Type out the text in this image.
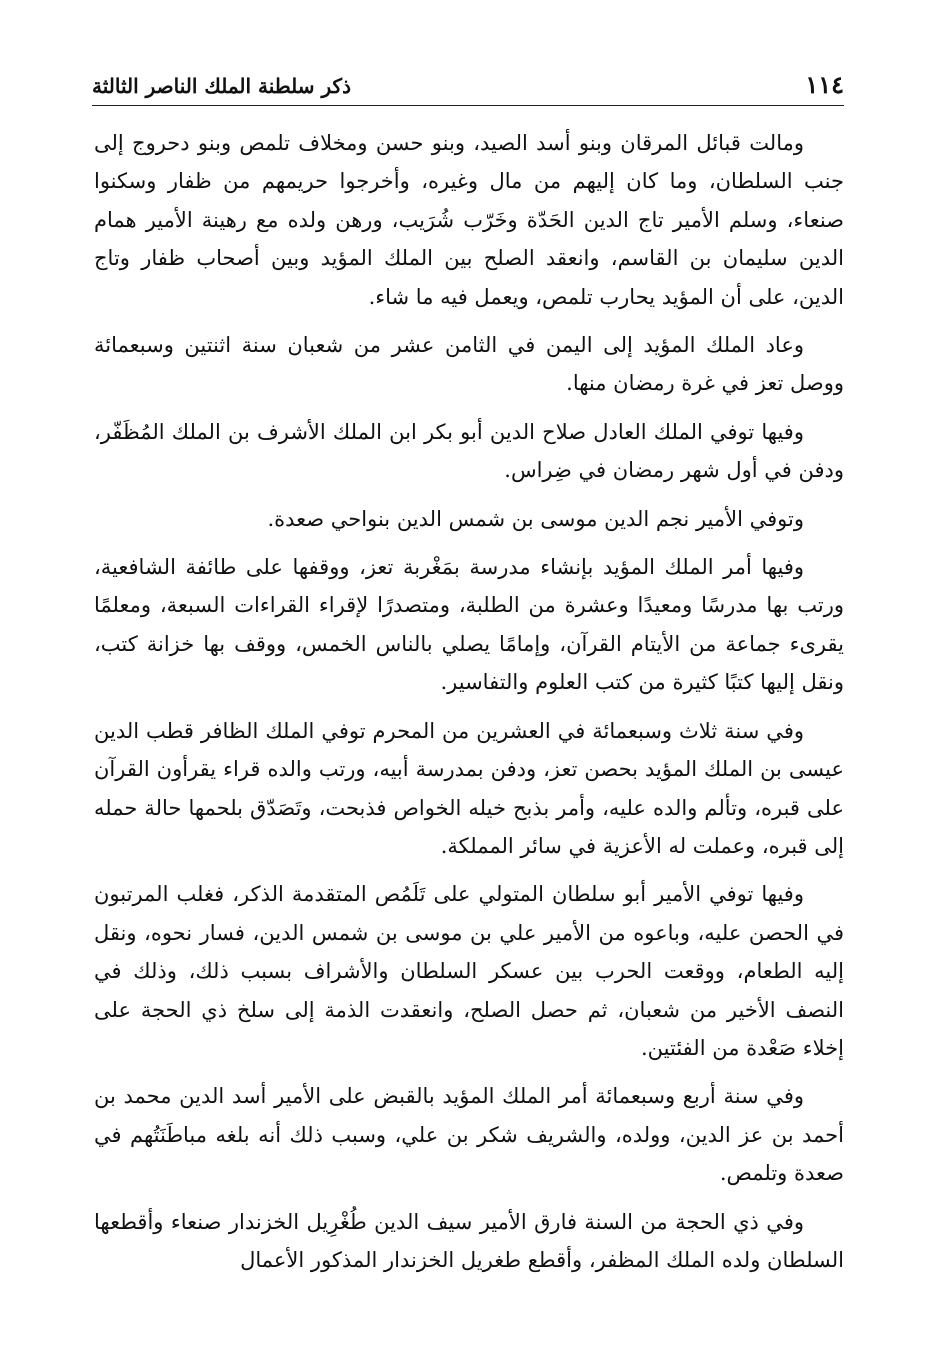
١١٤
ذكر سلطنة الملك الناصر الثالثة

ومالت قبائل المرقان وبنو أسد الصيد، وبنو حسن ومخلاف تلمص وبنو دحروج إلى جنب السلطان، وما كان إليهم من مال وغيره، وأخرجوا حريمهم من ظفار وسكنوا صنعاء، وسلم الأمير تاج الدين الحَدّة وخَرّب شُرَيب، ورهن ولده مع رهينة الأمير همام الدين سليمان بن القاسم، وانعقد الصلح بين الملك المؤيد وبين أصحاب ظفار وتاج الدين، على أن المؤيد يحارب تلمص، ويعمل فيه ما شاء.

وعاد الملك المؤيد إلى اليمن في الثامن عشر من شعبان سنة اثنتين وسبعمائة ووصل تعز في غرة رمضان منها.

وفيها توفي الملك العادل صلاح الدين أبو بكر ابن الملك الأشرف بن الملك المُظَفّر، ودفن في أول شهر رمضان في ضِراس.

وتوفي الأمير نجم الدين موسى بن شمس الدين بنواحي صعدة.

وفيها أمر الملك المؤيد بإنشاء مدرسة بمَغْربة تعز، ووقفها على طائفة الشافعية، ورتب بها مدرسًا ومعيدًا وعشرة من الطلبة، ومتصدرًا لإقراء القراءات السبعة، ومعلمًا يقرىء جماعة من الأيتام القرآن، وإمامًا يصلي بالناس الخمس، ووقف بها خزانة كتب، ونقل إليها كتبًا كثيرة من كتب العلوم والتفاسير.

وفي سنة ثلاث وسبعمائة في العشرين من المحرم توفي الملك الظافر قطب الدين عيسى بن الملك المؤيد بحصن تعز، ودفن بمدرسة أبيه، ورتب والده قراء يقرأون القرآن على قبره، وتألم والده عليه، وأمر بذبح خيله الخواص فذبحت، وتَصَدّق بلحمها حالة حمله إلى قبره، وعملت له الأعزية في سائر المملكة.

وفيها توفي الأمير أبو سلطان المتولي على تَلَمُص المتقدمة الذكر، فغلب المرتبون في الحصن عليه، وباعوه من الأمير علي بن موسى بن شمس الدين، فسار نحوه، ونقل إليه الطعام، ووقعت الحرب بين عسكر السلطان والأشراف بسبب ذلك، وذلك في النصف الأخير من شعبان، ثم حصل الصلح، وانعقدت الذمة إلى سلخ ذي الحجة على إخلاء صَعْدة من الفئتين.

وفي سنة أربع وسبعمائة أمر الملك المؤيد بالقبض على الأمير أسد الدين محمد بن أحمد بن عز الدين، وولده، والشريف شكر بن علي، وسبب ذلك أنه بلغه مباطَنَتُهم في صعدة وتلمص.

وفي ذي الحجة من السنة فارق الأمير سيف الدين طُغْرِيل الخزندار صنعاء وأقطعها السلطان ولده الملك المظفر، وأقطع طغريل الخزندار المذكور الأعمال
